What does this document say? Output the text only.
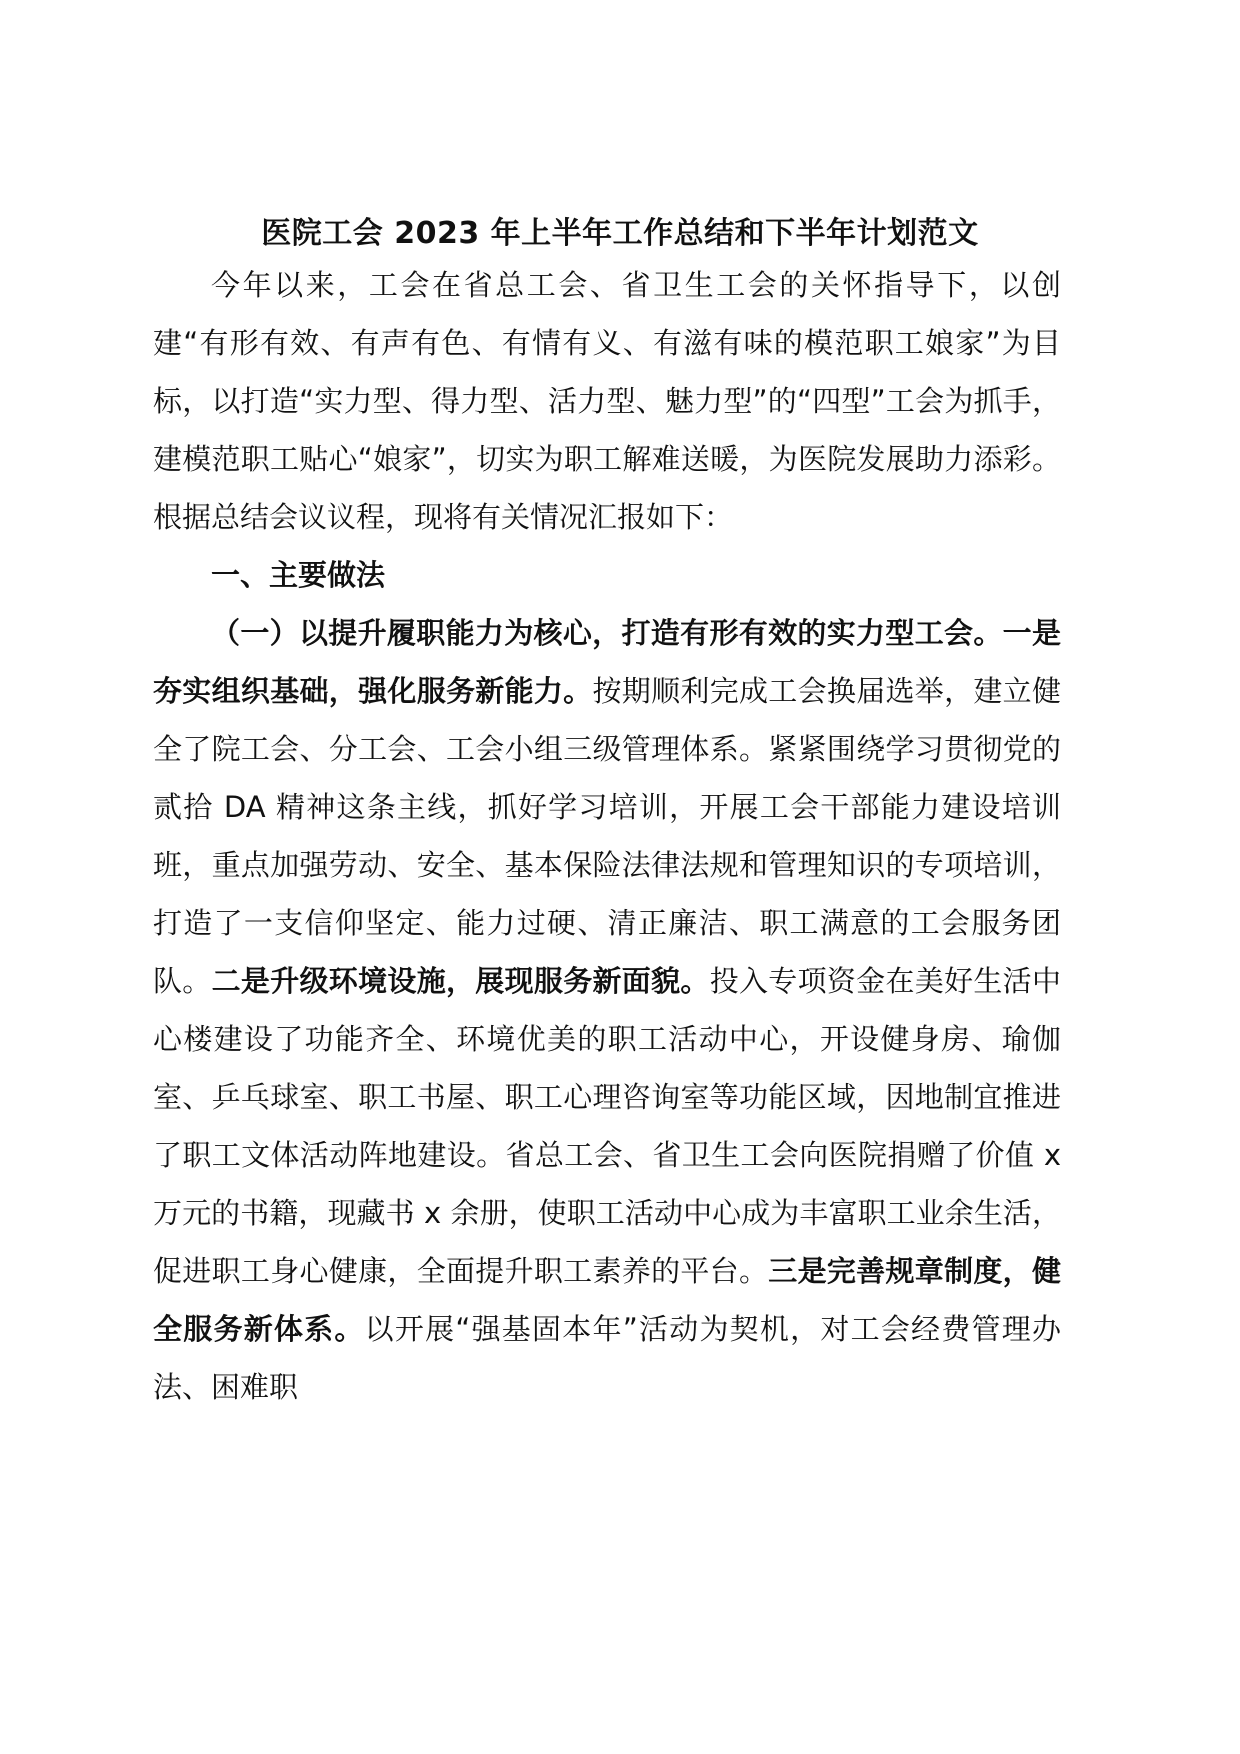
医院工会 2023 年上半年工作总结和下半年计划范文

今年以来，工会在省总工会、省卫生工会的关怀指导下，以创建“有形有效、有声有色、有情有义、有滋有味的模范职工娘家”为目标，以打造“实力型、得力型、活力型、魅力型”的“四型”工会为抓手，建模范职工贴心“娘家”，切实为职工解难送暖，为医院发展助力添彩。根据总结会议议程，现将有关情况汇报如下：

一、主要做法

（一）以提升履职能力为核心，打造有形有效的实力型工会。一是夯实组织基础，强化服务新能力。按期顺利完成工会换届选举，建立健全了院工会、分工会、工会小组三级管理体系。紧紧围绕学习贯彻党的贰拾 DA 精神这条主线，抓好学习培训，开展工会干部能力建设培训班，重点加强劳动、安全、基本保险法律法规和管理知识的专项培训，打造了一支信仰坚定、能力过硬、清正廉洁、职工满意的工会服务团队。二是升级环境设施，展现服务新面貌。投入专项资金在美好生活中心楼建设了功能齐全、环境优美的职工活动中心，开设健身房、瑜伽室、乒乓球室、职工书屋、职工心理咨询室等功能区域，因地制宜推进了职工文体活动阵地建设。省总工会、省卫生工会向医院捐赠了价值 x 万元的书籍，现藏书 x 余册，使职工活动中心成为丰富职工业余生活，促进职工身心健康，全面提升职工素养的平台。三是完善规章制度，健全服务新体系。以开展“强基固本年”活动为契机，对工会经费管理办法、困难职
